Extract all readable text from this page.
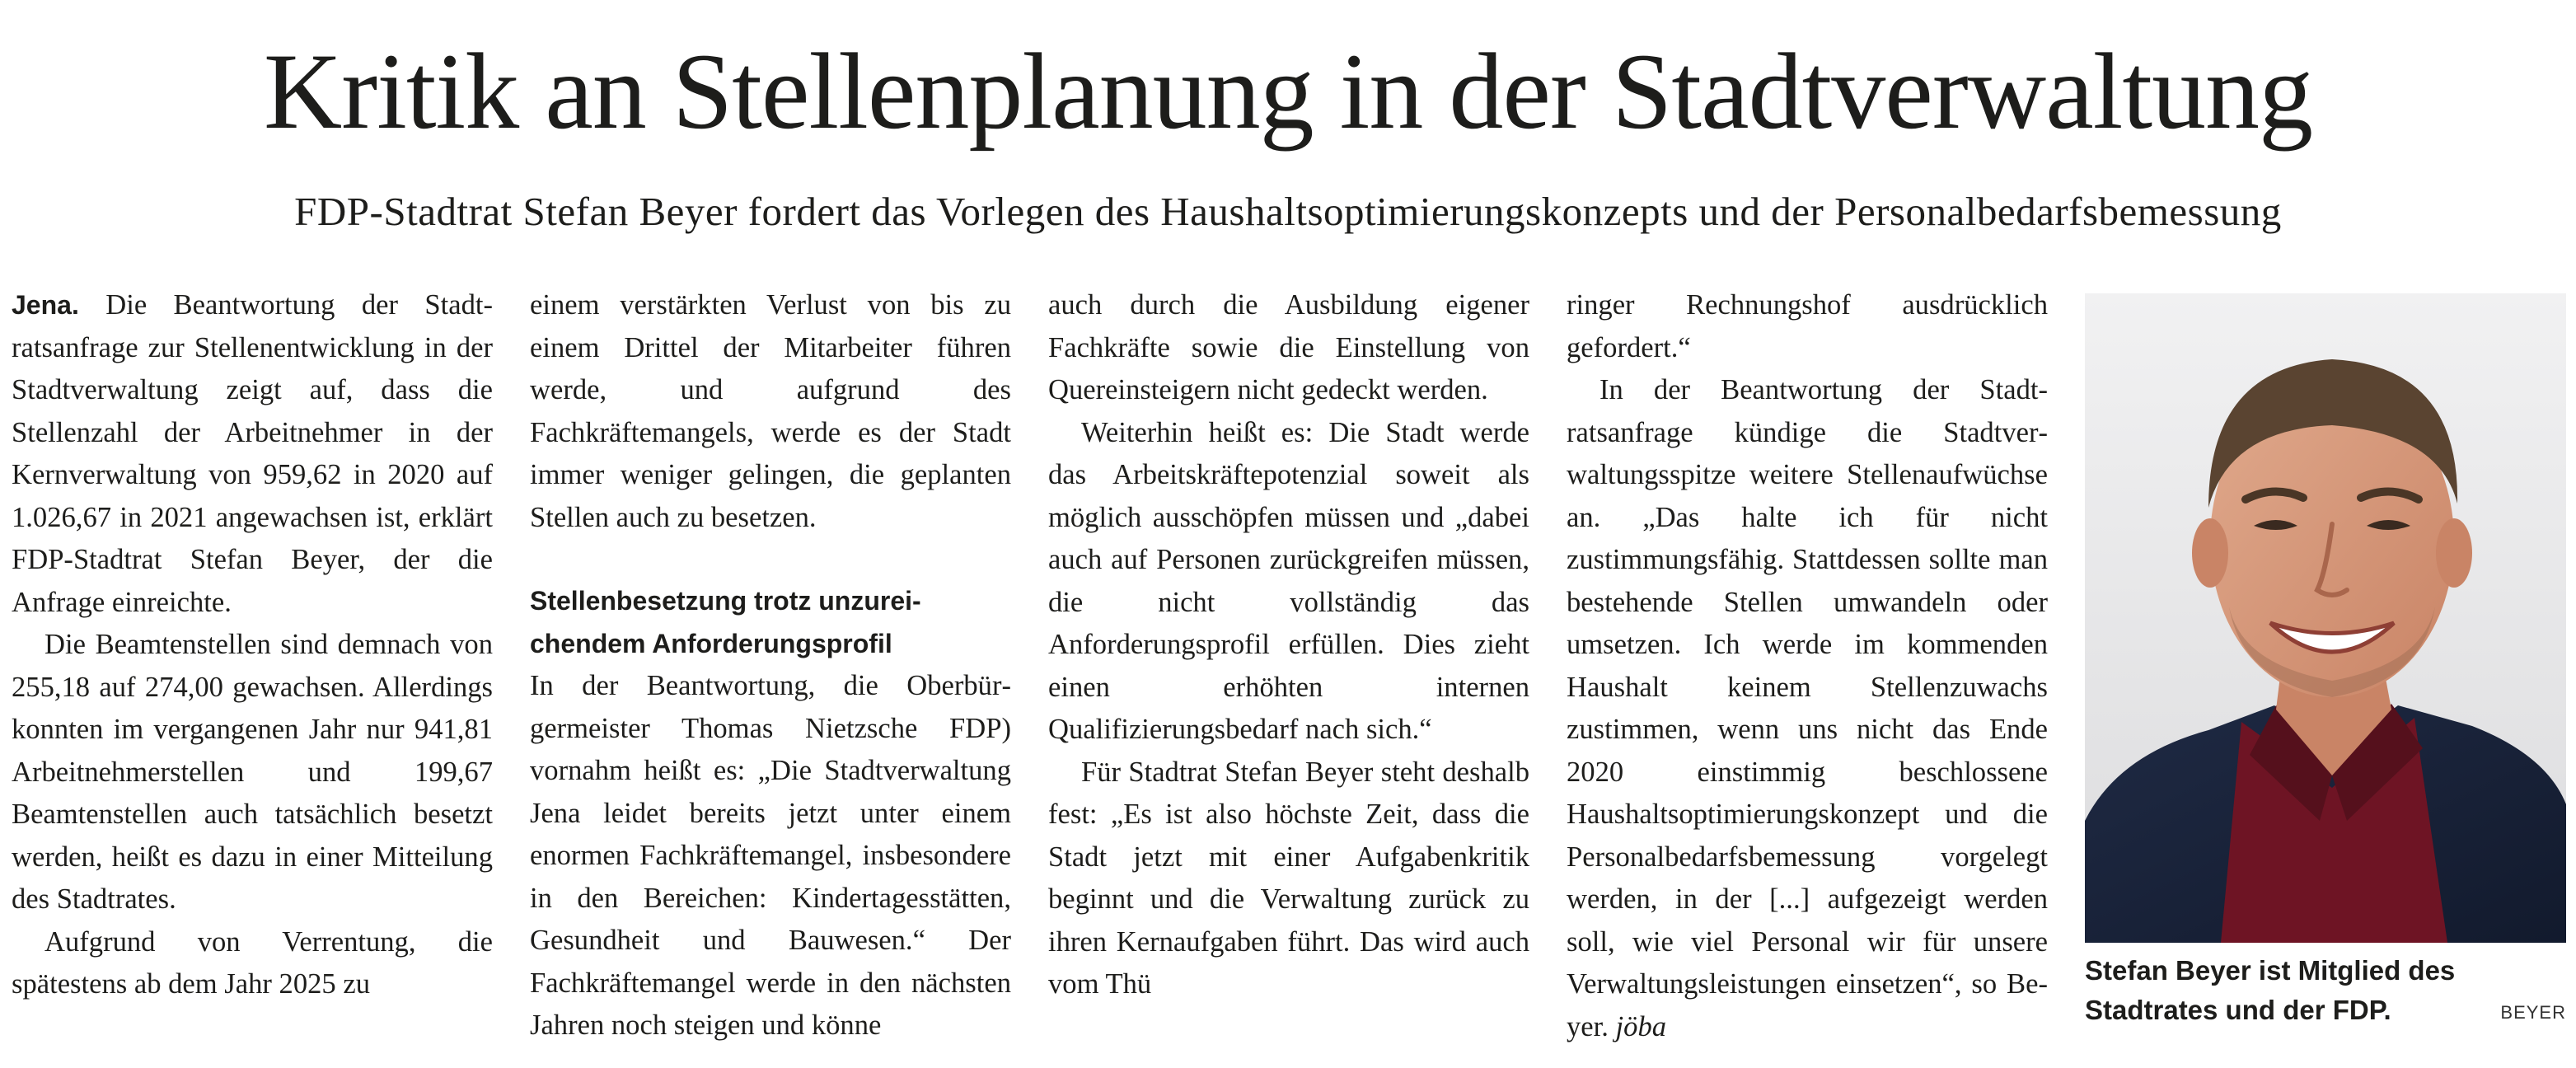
Kritik an Stellenplanung in der Stadtverwaltung
FDP-Stadtrat Stefan Beyer fordert das Vorlegen des Haushaltsoptimierungskonzepts und der Personalbedarfsbemessung

Jena. Die Beantwortung der Stadtratsanfrage zur Stellenentwicklung in der Stadtverwaltung zeigt auf, dass die Stellenzahl der Arbeitnehmer in der Kernverwaltung von 959,62 in 2020 auf 1.026,67 in 2021 angewachsen ist, erklärt FDP-Stadtrat Stefan Beyer, der die Anfrage einreichte.

Die Beamtenstellen sind demnach von 255,18 auf 274,00 gewachsen. Allerdings konnten im vergangenen Jahr nur 941,81 Arbeitnehmerstellen und 199,67 Beamtenstellen auch tatsächlich besetzt werden, heißt es dazu in einer Mitteilung des Stadtrates.

Aufgrund von Verrentung, die spätestens ab dem Jahr 2025 zu

einem verstärkten Verlust von bis zu einem Drittel der Mitarbeiter führen werde, und aufgrund des Fachkräftemangels, werde es der Stadt immer weniger gelingen, die geplanten Stellen auch zu besetzen.

Stellenbesetzung trotz unzureichendem Anforderungsprofil

In der Beantwortung, die Oberbürgermeister Thomas Nietzsche FDP) vornahm heißt es: „Die Stadtverwaltung Jena leidet bereits jetzt unter einem enormen Fachkräftemangel, insbesondere in den Bereichen: Kindertagesstätten, Gesundheit und Bauwesen.“ Der Fachkräftemangel werde in den nächsten Jahren noch steigen und könne

auch durch die Ausbildung eigener Fachkräfte sowie die Einstellung von Quereinsteigern nicht gedeckt werden.

Weiterhin heißt es: Die Stadt werde das Arbeitskräftepotenzial soweit als möglich ausschöpfen müssen und „dabei auch auf Personen zurückgreifen müssen, die nicht vollständig das Anforderungsprofil erfüllen. Dies zieht einen erhöhten internen Qualifizierungsbedarf nach sich.“

Für Stadtrat Stefan Beyer steht deshalb fest: „Es ist also höchste Zeit, dass die Stadt jetzt mit einer Aufgabenkritik beginnt und die Verwaltung zurück zu ihren Kernaufgaben führt. Das wird auch vom Thü

ringer Rechnungshof ausdrücklich gefordert.“

In der Beantwortung der Stadtratsanfrage kündige die Stadtverwaltungsspitze weitere Stellenaufwüchse an. „Das halte ich für nicht zustimmungsfähig. Stattdessen sollte man bestehende Stellen umwandeln oder umsetzen. Ich werde im kommenden Haushalt keinem Stellenzuwachs zustimmen, wenn uns nicht das Ende 2020 einstimmig beschlossene Haushaltsoptimierungskonzept und die Personalbedarfsbemessung vorgelegt werden, in der [...] aufgezeigt werden soll, wie viel Personal wir für unsere Verwaltungsleistungen einsetzen“, so Beyer. jöba

Stefan Beyer ist Mitglied des Stadtrates und der FDP.	BEYER
